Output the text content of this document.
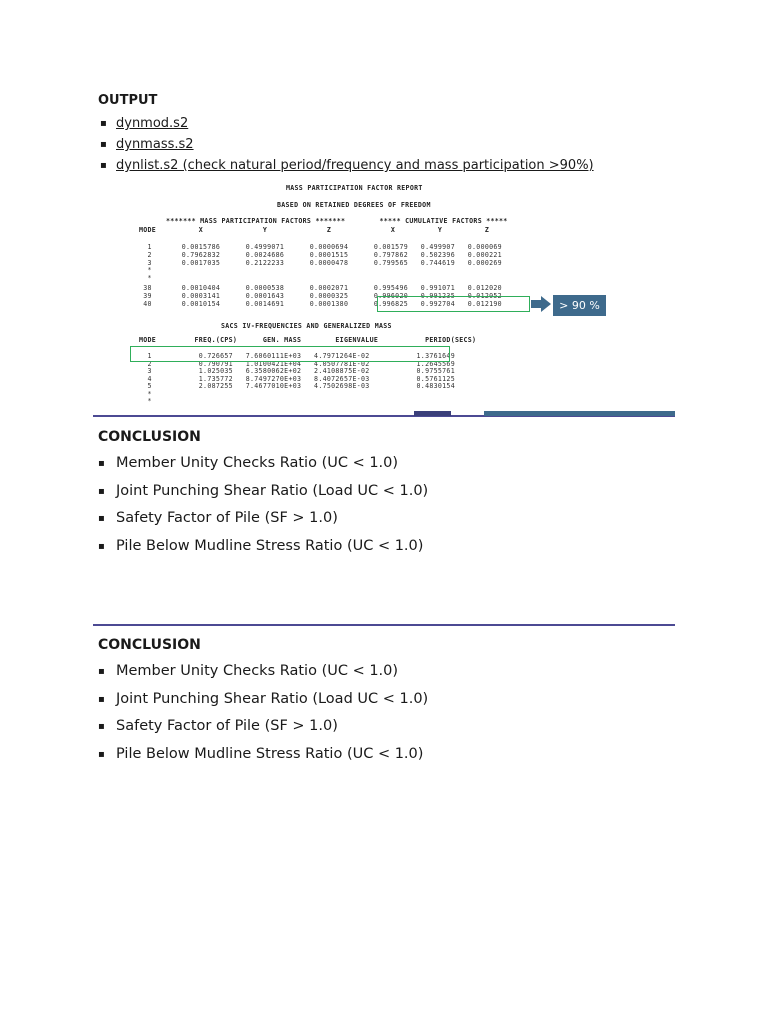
OUTPUT
▪ dynmod.s2
▪ dynmass.s2
▪ dynlist.s2 (check natural period/frequency and mass participation >90%)
MASS PARTICIPATION FACTOR REPORT
BASED ON RETAINED DEGREES OF FREEDOM
******* MASS PARTICIPATION FACTORS *******        ***** CUMULATIVE FACTORS *****
MODE          X              Y              Z              X          Y          Z
1       0.0015786      0.4999071      0.0000694      0.001579   0.499907   0.000069
2       0.7962832      0.0024686      0.0001515      0.797862   0.502396   0.000221
3       0.0017035      0.2122233      0.0000478      0.799565   0.744619   0.000269
*
*
38       0.0010404      0.0000538      0.0002071      0.995496   0.991071   0.012020
39       0.0003141      0.0001643      0.0000325      0.996020   0.991235   0.012052
40       0.0010154      0.0014691      0.0001380      0.996825   0.992704   0.012190	> 90 %
SACS IV-FREQUENCIES AND GENERALIZED MASS
MODE         FREQ.(CPS)      GEN. MASS        EIGENVALUE           PERIOD(SECS)
1           0.726657   7.6060111E+03   4.7971264E-02           1.3761649
2           0.790791   1.0100421E+04   4.0507781E-02           1.2645569
3           1.025035   6.3580062E+02   2.4108875E-02           0.9755761
4           1.735772   8.7497270E+03   8.4072657E-03           0.5761125
5           2.087255   7.4677010E+03   4.7502698E-03           0.4830154
*
*
CONCLUSION
▪ Member Unity Checks Ratio (UC < 1.0)
▪ Joint Punching Shear Ratio (Load UC < 1.0)
▪ Safety Factor of Pile (SF > 1.0)
▪ Pile Below Mudline Stress Ratio (UC < 1.0)
CONCLUSION
▪ Member Unity Checks Ratio (UC < 1.0)
▪ Joint Punching Shear Ratio (Load UC < 1.0)
▪ Safety Factor of Pile (SF > 1.0)
▪ Pile Below Mudline Stress Ratio (UC < 1.0)
